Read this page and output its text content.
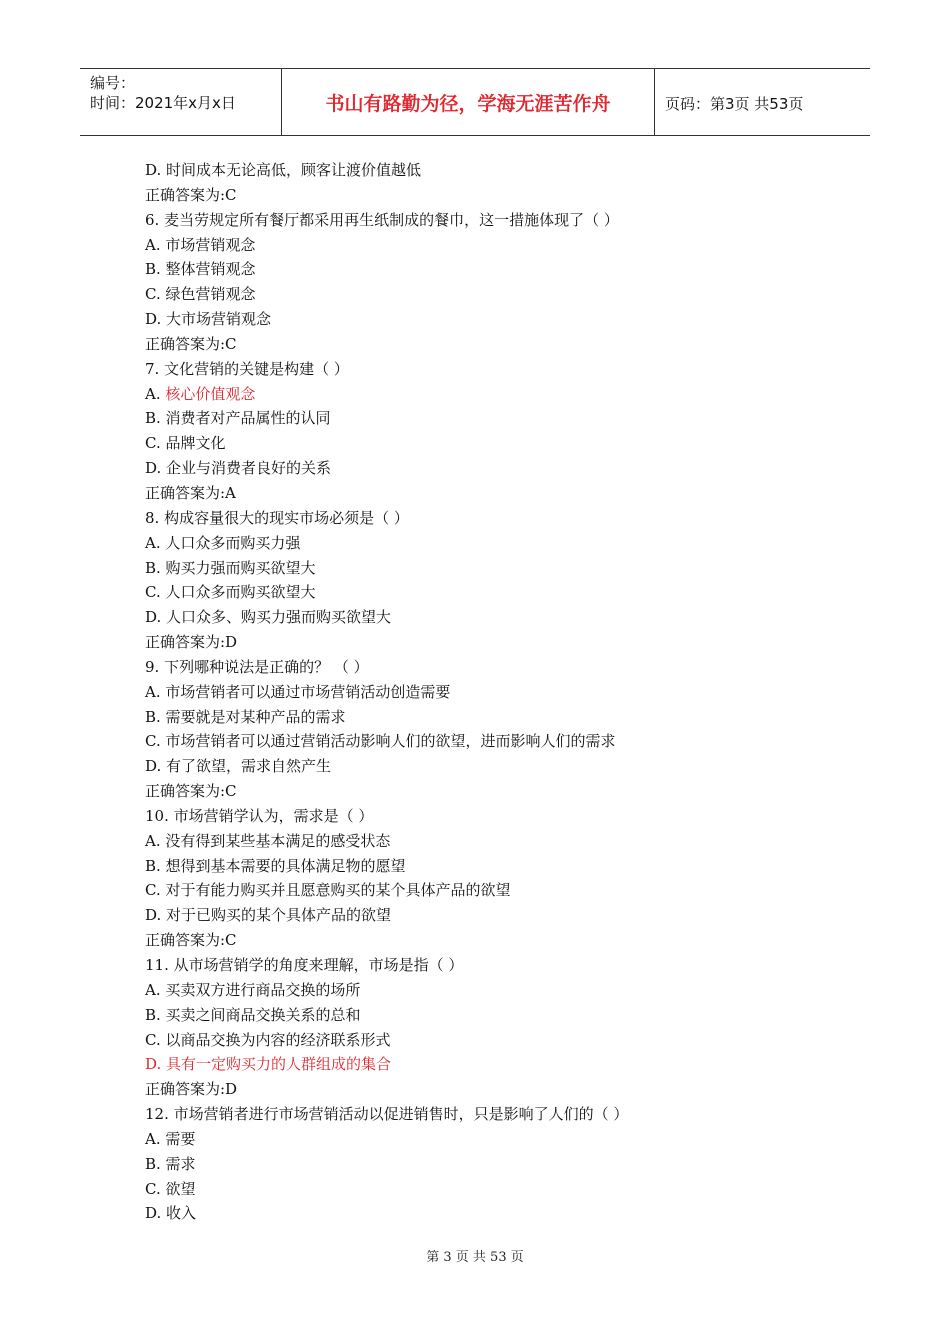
编号：
时间：2021年x月x日	书山有路勤为径，学海无涯苦作舟	页码：第3页 共53页
D. 时间成本无论高低，顾客让渡价值越低
正确答案为:C
6. 麦当劳规定所有餐厅都采用再生纸制成的餐巾，这一措施体现了（ ）
A. 市场营销观念
B. 整体营销观念
C. 绿色营销观念
D. 大市场营销观念
正确答案为:C
7. 文化营销的关键是构建（ ）
A. 核心价值观念
B. 消费者对产品属性的认同
C. 品牌文化
D. 企业与消费者良好的关系
正确答案为:A
8. 构成容量很大的现实市场必须是（ ）
A. 人口众多而购买力强
B. 购买力强而购买欲望大
C. 人口众多而购买欲望大
D. 人口众多、购买力强而购买欲望大
正确答案为:D
9. 下列哪种说法是正确的？ （ ）
A. 市场营销者可以通过市场营销活动创造需要
B. 需要就是对某种产品的需求
C. 市场营销者可以通过营销活动影响人们的欲望，进而影响人们的需求
D. 有了欲望，需求自然产生
正确答案为:C
10. 市场营销学认为，需求是（ ）
A. 没有得到某些基本满足的感受状态
B. 想得到基本需要的具体满足物的愿望
C. 对于有能力购买并且愿意购买的某个具体产品的欲望
D. 对于已购买的某个具体产品的欲望
正确答案为:C
11. 从市场营销学的角度来理解，市场是指（ ）
A. 买卖双方进行商品交换的场所
B. 买卖之间商品交换关系的总和
C. 以商品交换为内容的经济联系形式
D. 具有一定购买力的人群组成的集合
正确答案为:D
12. 市场营销者进行市场营销活动以促进销售时，只是影响了人们的（ ）
A. 需要
B. 需求
C. 欲望
D. 收入
第 3 页 共 53 页
